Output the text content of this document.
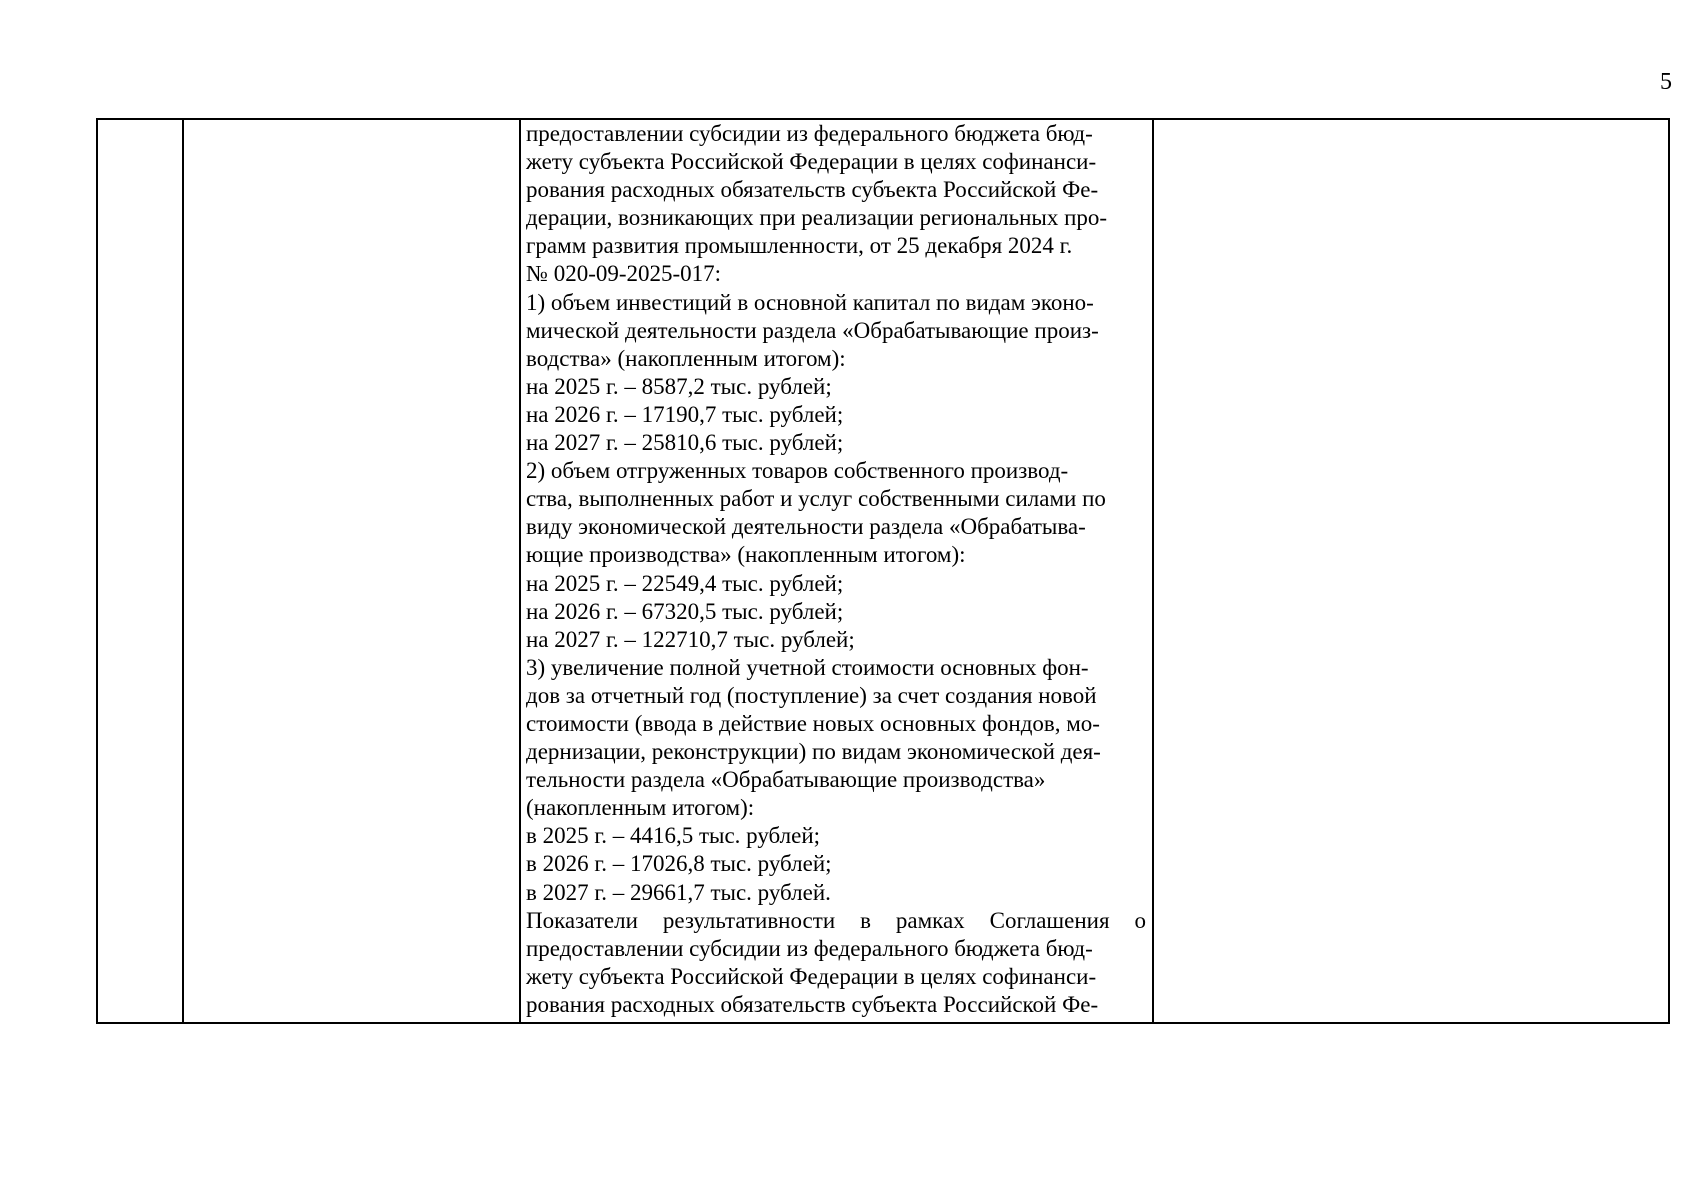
5
предоставлении субсидии из федерального бюджета бюд-
жету субъекта Российской Федерации в целях софинанси-
рования расходных обязательств субъекта Российской Фе-
дерации, возникающих при реализации региональных про-
грамм развития промышленности, от 25 декабря 2024 г.
№ 020-09-2025-017:
1) объем инвестиций в основной капитал по видам эконо-
мической деятельности раздела «Обрабатывающие произ-
водства» (накопленным итогом):
на 2025 г. – 8587,2 тыс. рублей;
на 2026 г. – 17190,7 тыс. рублей;
на 2027 г. – 25810,6 тыс. рублей;
2) объем отгруженных товаров собственного производ-
ства, выполненных работ и услуг собственными силами по
виду экономической деятельности раздела «Обрабатыва-
ющие производства» (накопленным итогом):
на 2025 г. – 22549,4 тыс. рублей;
на 2026 г. – 67320,5 тыс. рублей;
на 2027 г. – 122710,7 тыс. рублей;
3) увеличение полной учетной стоимости основных фон-
дов за отчетный год (поступление) за счет создания новой
стоимости (ввода в действие новых основных фондов, мо-
дернизации, реконструкции) по видам экономической дея-
тельности раздела «Обрабатывающие производства»
(накопленным итогом):
в 2025 г. – 4416,5 тыс. рублей;
в 2026 г. – 17026,8 тыс. рублей;
в 2027 г. – 29661,7 тыс. рублей.
Показатели результативности в рамках Соглашения о
предоставлении субсидии из федерального бюджета бюд-
жету субъекта Российской Федерации в целях софинанси-
рования расходных обязательств субъекта Российской Фе-
